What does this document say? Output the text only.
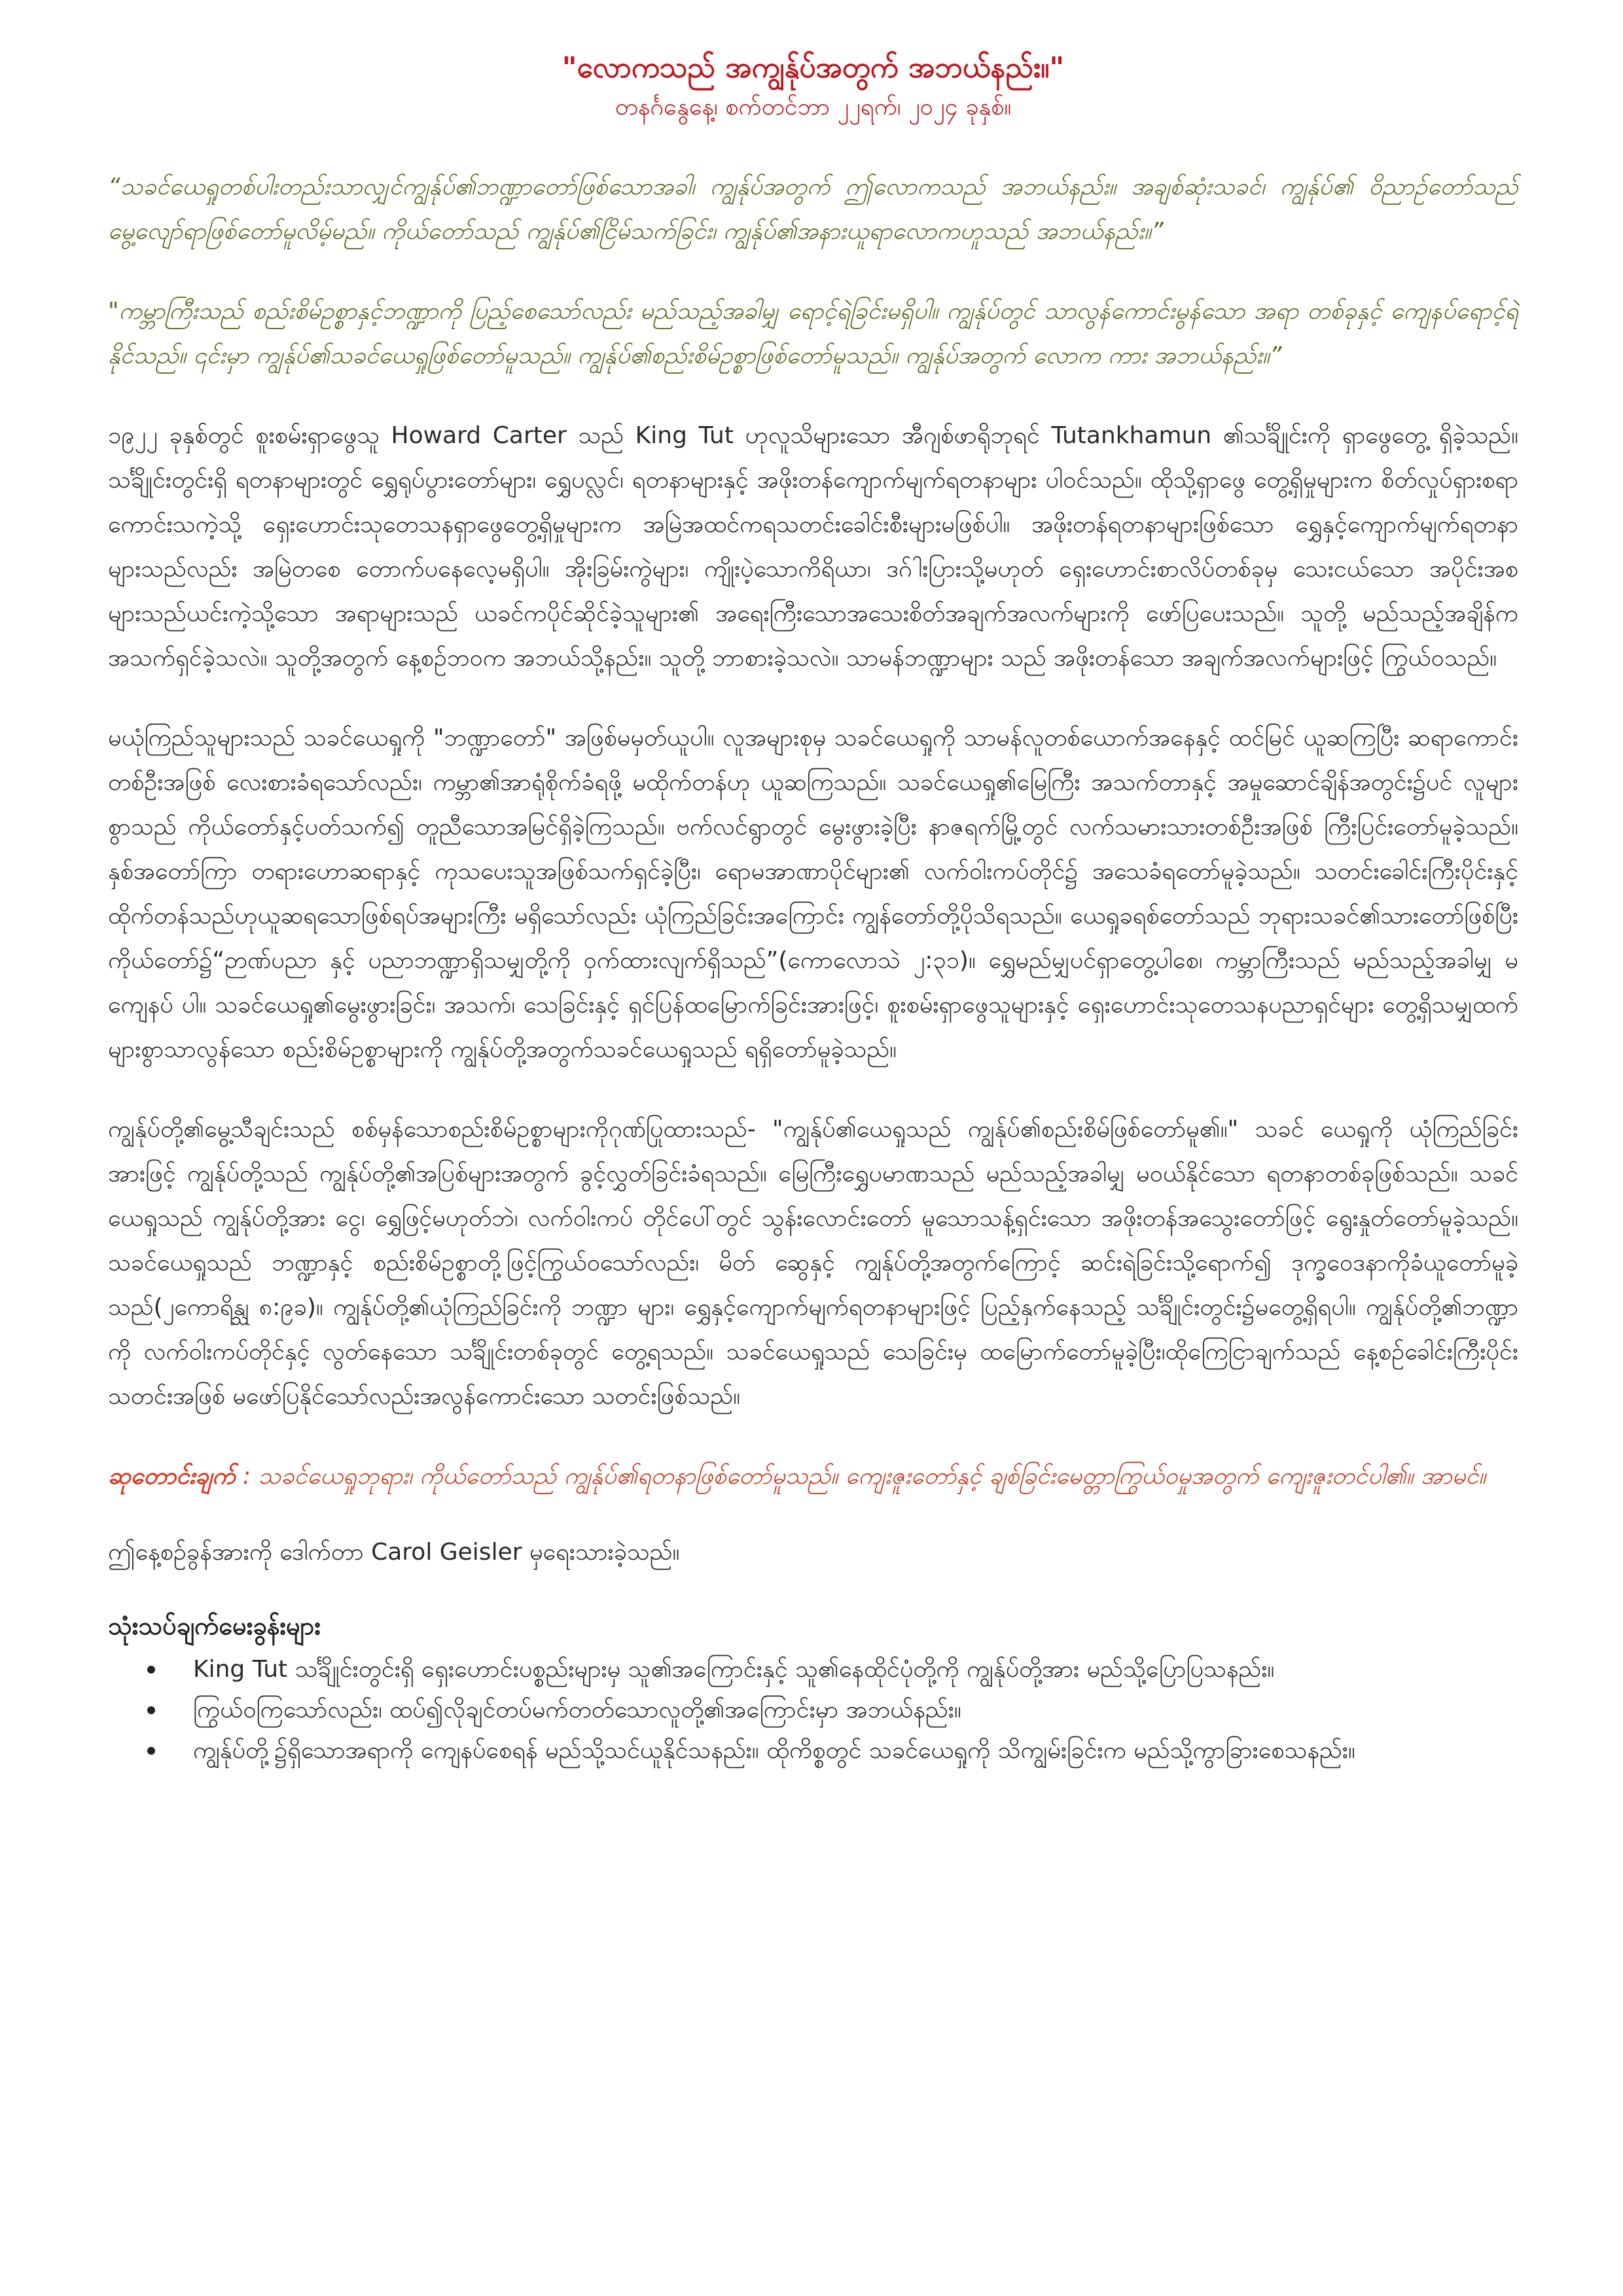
"လောကသည် အကျွန်ုပ်အတွက် အဘယ်နည်း။"

တနင်္ဂနွေနေ့၊ စက်တင်ဘာ ၂၂ရက်၊ ၂၀၂၄ ခုနှစ်။

“သခင်ယေရှုတစ်ပါးတည်းသာလျှင်ကျွန်ုပ်၏ဘဏ္ဍာတော်ဖြစ်သောအခါ၊ ကျွန်ုပ်အတွက် ဤလောကသည် အဘယ်နည်း။ အချစ်ဆုံးသခင်၊ ကျွန်ုပ်၏ ဝိညာဉ်တော်သည် မွေ့လျော်ရာဖြစ်တော်မူလိမ့်မည်။ ကိုယ်တော်သည် ကျွန်ုပ်၏ငြိမ်သက်ခြင်း၊ ကျွန်ုပ်၏အနားယူရာလောကဟူသည် အဘယ်နည်း။”

"ကမ္ဘာကြီးသည် စည်းစိမ်ဥစ္စာနှင့်ဘဏ္ဍာကို ပြည့်စေသော်လည်း မည်သည့်အခါမျှ ရောင့်ရဲခြင်းမရှိပါ။ ကျွန်ုပ်တွင် သာလွန်ကောင်းမွန်သော အရာ တစ်ခုနှင့် ကျေနပ်ရောင့်ရဲနိုင်သည်။ ၎င်းမှာ ကျွန်ုပ်၏သခင်ယေရှုဖြစ်တော်မူသည်။ ကျွန်ုပ်၏စည်းစိမ်ဥစ္စာဖြစ်တော်မူသည်။ ကျွန်ုပ်အတွက် လောက ကား အဘယ်နည်း။”

၁၉၂၂ ခုနှစ်တွင် စူးစမ်းရှာဖွေသူ Howard Carter သည် King Tut ဟုလူသိများသော အီဂျစ်ဖာရိုဘုရင် Tutankhamun ၏သင်္ချိုင်းကို ရှာဖွေတွေ့ ရှိခဲ့သည်။ သင်္ချိုင်းတွင်းရှိ ရတနာများတွင် ရွှေရုပ်ပွားတော်များ၊ ရွှေပလ္လင်၊ ရတနာများနှင့် အဖိုးတန်ကျောက်မျက်ရတနာများ ပါဝင်သည်။ ထိုသို့ရှာဖွေ တွေ့ရှိမှုများက စိတ်လှုပ်ရှားစရာကောင်းသကဲ့သို့ ရှေးဟောင်းသုတေသနရှာဖွေတွေ့ရှိမှုများက အမြဲအထင်ကရသတင်းခေါင်းစီးများမဖြစ်ပါ။ အဖိုးတန်ရတနာများဖြစ်သော ရွှေနှင့်ကျောက်မျက်ရတနာများသည်လည်း အမြဲတစေ တောက်ပနေလေ့မရှိပါ။ အိုးခြမ်းကွဲများ၊ ကျိုးပဲ့သောကိရိယာ၊ ဒဂ်ါးပြားသို့မဟုတ် ရှေးဟောင်းစာလိပ်တစ်ခုမှ သေးငယ်သော အပိုင်းအစများသည်ယင်းကဲ့သို့သော အရာများသည် ယခင်ကပိုင်ဆိုင်ခဲ့သူများ၏ အရေးကြီးသောအသေးစိတ်အချက်အလက်များကို ဖော်ပြပေးသည်။ သူတို့ မည်သည့်အချိန်က အသက်ရှင်ခဲ့သလဲ။ သူတို့အတွက် နေ့စဉ်ဘဝက အဘယ်သို့နည်း။ သူတို့ ဘာစားခဲ့သလဲ။ သာမန်ဘဏ္ဍာများ သည် အဖိုးတန်သော အချက်အလက်များဖြင့် ကြွယ်ဝသည်။

မယုံကြည်သူများသည် သခင်ယေရှုကို "ဘဏ္ဍာတော်" အဖြစ်မမှတ်ယူပါ။ လူအများစုမှ သခင်ယေရှုကို သာမန်လူတစ်ယောက်အနေနှင့် ထင်မြင် ယူဆကြပြီး ဆရာကောင်းတစ်ဦးအဖြစ် လေးစားခံရသော်လည်း၊ ကမ္ဘာ၏အာရုံစိုက်ခံရဖို့ မထိုက်တန်ဟု ယူဆကြသည်။ သခင်ယေရှု၏မြေကြီး အသက်တာနှင့် အမှုဆောင်ချိန်အတွင်း၌ပင် လူများစွာသည် ကိုယ်တော်နှင့်ပတ်သက်၍ တူညီသောအမြင်ရှိခဲ့ကြသည်။ ဗက်လင်ရွာတွင် မွေးဖွားခဲ့ပြီး နာဇရက်မြို့တွင် လက်သမားသားတစ်ဦးအဖြစ် ကြီးပြင်းတော်မူခဲ့သည်။ နှစ်အတော်ကြာ တရားဟောဆရာနှင့် ကုသပေးသူအဖြစ်သက်ရှင်ခဲ့ပြီး၊ ရောမအာဏာပိုင်များ၏ လက်ဝါးကပ်တိုင်၌ အသေခံရတော်မူခဲ့သည်။ သတင်းခေါင်းကြီးပိုင်းနှင့် ထိုက်တန်သည်ဟုယူဆရသောဖြစ်ရပ်အများကြီး မရှိသော်လည်း ယုံကြည်ခြင်းအကြောင်း ကျွန်တော်တို့ပိုသိရသည်။ ယေရှုခရစ်တော်သည် ဘုရားသခင်၏သားတော်ဖြစ်ပြီး ကိုယ်တော်၌“ဉာဏ်ပညာ နှင့် ပညာဘဏ္ဍာရှိသမျှတို့ကို ဝှက်ထားလျက်ရှိသည်”(ကောလောသဲ ၂:၃၁)။ ရွှေမည်မျှပင်ရှာတွေ့ပါစေ၊ ကမ္ဘာကြီးသည် မည်သည့်အခါမျှ မကျေနပ် ပါ။ သခင်ယေရှု၏မွေးဖွားခြင်း၊ အသက်၊ သေခြင်းနှင့် ရှင်ပြန်ထမြောက်ခြင်းအားဖြင့်၊ စူးစမ်းရှာဖွေသူများနှင့် ရှေးဟောင်းသုတေသနပညာရှင်များ တွေ့ရှိသမျှထက် များစွာသာလွန်သော စည်းစိမ်ဥစ္စာများကို ကျွန်ုပ်တို့အတွက်သခင်ယေရှုသည် ရရှိတော်မူခဲ့သည်။

ကျွန်ုပ်တို့၏မွေ့သီချင်းသည် စစ်မှန်သောစည်းစိမ်ဥစ္စာများကိုဂုဏ်ပြုထားသည်- "ကျွန်ုပ်၏ယေရှုသည် ကျွန်ုပ်၏စည်းစိမ်ဖြစ်တော်မူ၏။" သခင် ယေရှုကို ယုံကြည်ခြင်းအားဖြင့် ကျွန်ုပ်တို့သည် ကျွန်ုပ်တို့၏အပြစ်များအတွက် ခွင့်လွှတ်ခြင်းခံရသည်။ မြေကြီးရွှေပမာဏသည် မည်သည့်အခါမျှ မဝယ်နိုင်သော ရတနာတစ်ခုဖြစ်သည်။ သခင်ယေရှုသည် ကျွန်ုပ်တို့အား ငွေ၊ ရွှေဖြင့်မဟုတ်ဘဲ၊ လက်ဝါးကပ် တိုင်ပေါ်တွင် သွန်းလောင်းတော် မူသောသန့်ရှင်းသော အဖိုးတန်အသွေးတော်ဖြင့် ရွေးနှုတ်တော်မူခဲ့သည်။ သခင်ယေရှုသည် ဘဏ္ဍာနှင့် စည်းစိမ်ဥစ္စာတို့ဖြင့်ကြွယ်ဝသော်လည်း၊ မိတ် ဆွေနှင့် ကျွန်ုပ်တို့အတွက်ကြောင့် ဆင်းရဲခြင်းသို့ရောက်၍ ဒုက္ခဝေဒနာကိုခံယူတော်မူခဲ့သည်(၂ကောရိန္သု ၈:၉ခ)။ ကျွန်ုပ်တို့၏ယုံကြည်ခြင်းကို ဘဏ္ဍာ များ၊ ရွှေနှင့်ကျောက်မျက်ရတနာများဖြင့် ပြည့်နှက်နေသည့် သင်္ချိုင်းတွင်း၌မတွေ့ရှိရပါ။ ကျွန်ုပ်တို့၏ဘဏ္ဍာကို လက်ဝါးကပ်တိုင်နှင့် လွတ်နေသော သင်္ချိုင်းတစ်ခုတွင် တွေ့ရသည်။ သခင်ယေရှုသည် သေခြင်းမှ ထမြောက်တော်မူခဲ့ပြီး၊ထိုကြေငြာချက်သည် နေ့စဉ်ခေါင်းကြီးပိုင်းသတင်းအဖြစ် မဖော်ပြနိုင်သော်လည်းအလွန်ကောင်းသော သတင်းဖြစ်သည်။

ဆုတောင်းချက် : သခင်ယေရှုဘုရား၊ ကိုယ်တော်သည် ကျွန်ုပ်၏ရတနာဖြစ်တော်မူသည်။ ကျေးဇူးတော်နှင့် ချစ်ခြင်းမေတ္တာကြွယ်ဝမှုအတွက် ကျေးဇူးတင်ပါ၏။ အာမင်။

ဤနေ့စဉ်ခွန်အားကို ဒေါက်တာ Carol Geisler မှရေးသားခဲ့သည်။

သုံးသပ်ချက်မေးခွန်းများ

King Tut သင်္ချိုင်းတွင်းရှိ ရှေးဟောင်းပစ္စည်းများမှ သူ၏အကြောင်းနှင့် သူ၏နေထိုင်ပုံတို့ကို ကျွန်ုပ်တို့အား မည်သို့ပြောပြသနည်း။
ကြွယ်ဝကြသော်လည်း၊ ထပ်၍လိုချင်တပ်မက်တတ်သောလူတို့၏အကြောင်းမှာ အဘယ်နည်း။
ကျွန်ုပ်တို့၌ရှိသောအရာကို ကျေနပ်စေရန် မည်သို့သင်ယူနိုင်သနည်း။ ထိုကိစ္စတွင် သခင်ယေရှုကို သိကျွမ်းခြင်းက မည်သို့ကွာခြားစေသနည်း။
